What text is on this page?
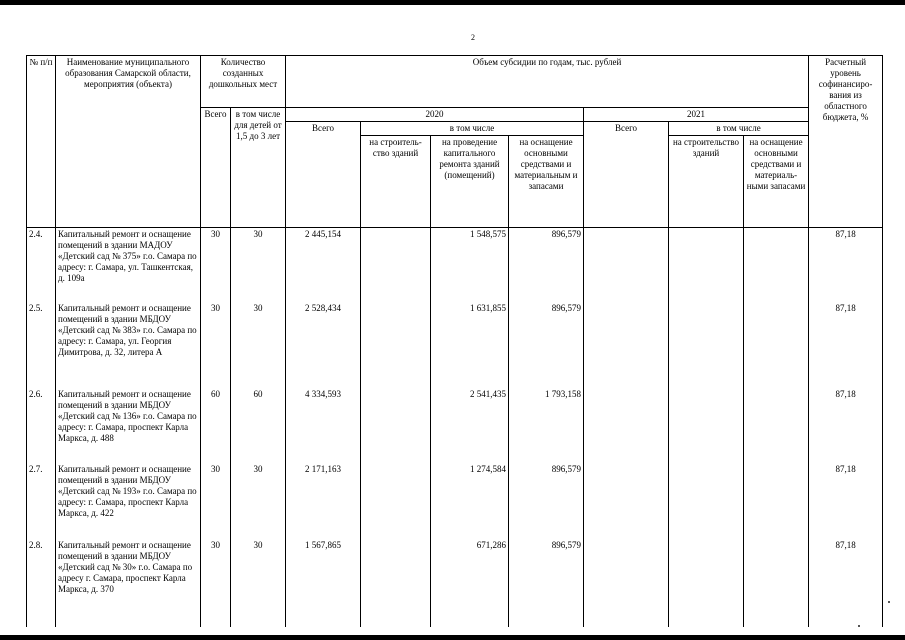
2
№ п/п	Наименование муниципального образования Самарской области, мероприятия (объекта)	Количество созданных дошкольных мест		Объем субсидии по годам, тыс. рублей							Расчетный уровень софинансиро-вания из областного бюджета, %
		Всего	в том числе для детей от 1,5 до 3 лет	2020				2021			
				Всего	в том числе			Всего	в том числе		
					на строитель-ство зданий	на проведение капитального ремонта зданий (помещений)	на оснащение основными средствами и материальным и запасами		на строительство зданий	на оснащение основными средствами и материаль-ными запасами	
2.4.	Капитальный ремонт и оснащение помещений в здании МАДОУ «Детский сад № 375» г.о. Самара по адресу: г. Самара, ул. Ташкентская, д. 109а	30	30	2 445,154		1 548,575	896,579				87,18
2.5.	Капитальный ремонт и оснащение помещений в здании МБДОУ «Детский сад № 383» г.о. Самара по адресу: г. Самара, ул. Георгия Димитрова, д. 32, литера А	30	30	2 528,434		1 631,855	896,579				87,18
2.6.	Капитальный ремонт и оснащение помещений в здании МБДОУ «Детский сад № 136» г.о. Самара по адресу: г. Самара, проспект Карла Маркса, д. 488	60	60	4 334,593		2 541,435	1 793,158				87,18
2.7.	Капитальный ремонт и оснащение помещений в здании МБДОУ «Детский сад № 193» г.о. Самара по адресу: г. Самара, проспект Карла Маркса, д. 422	30	30	2 171,163		1 274,584	896,579				87,18
2.8.	Капитальный ремонт и оснащение помещений в здании МБДОУ «Детский сад № 30» г.о. Самара по адресу г. Самара, проспект Карла Маркса, д. 370	30	30	1 567,865		671,286	896,579				87,18
